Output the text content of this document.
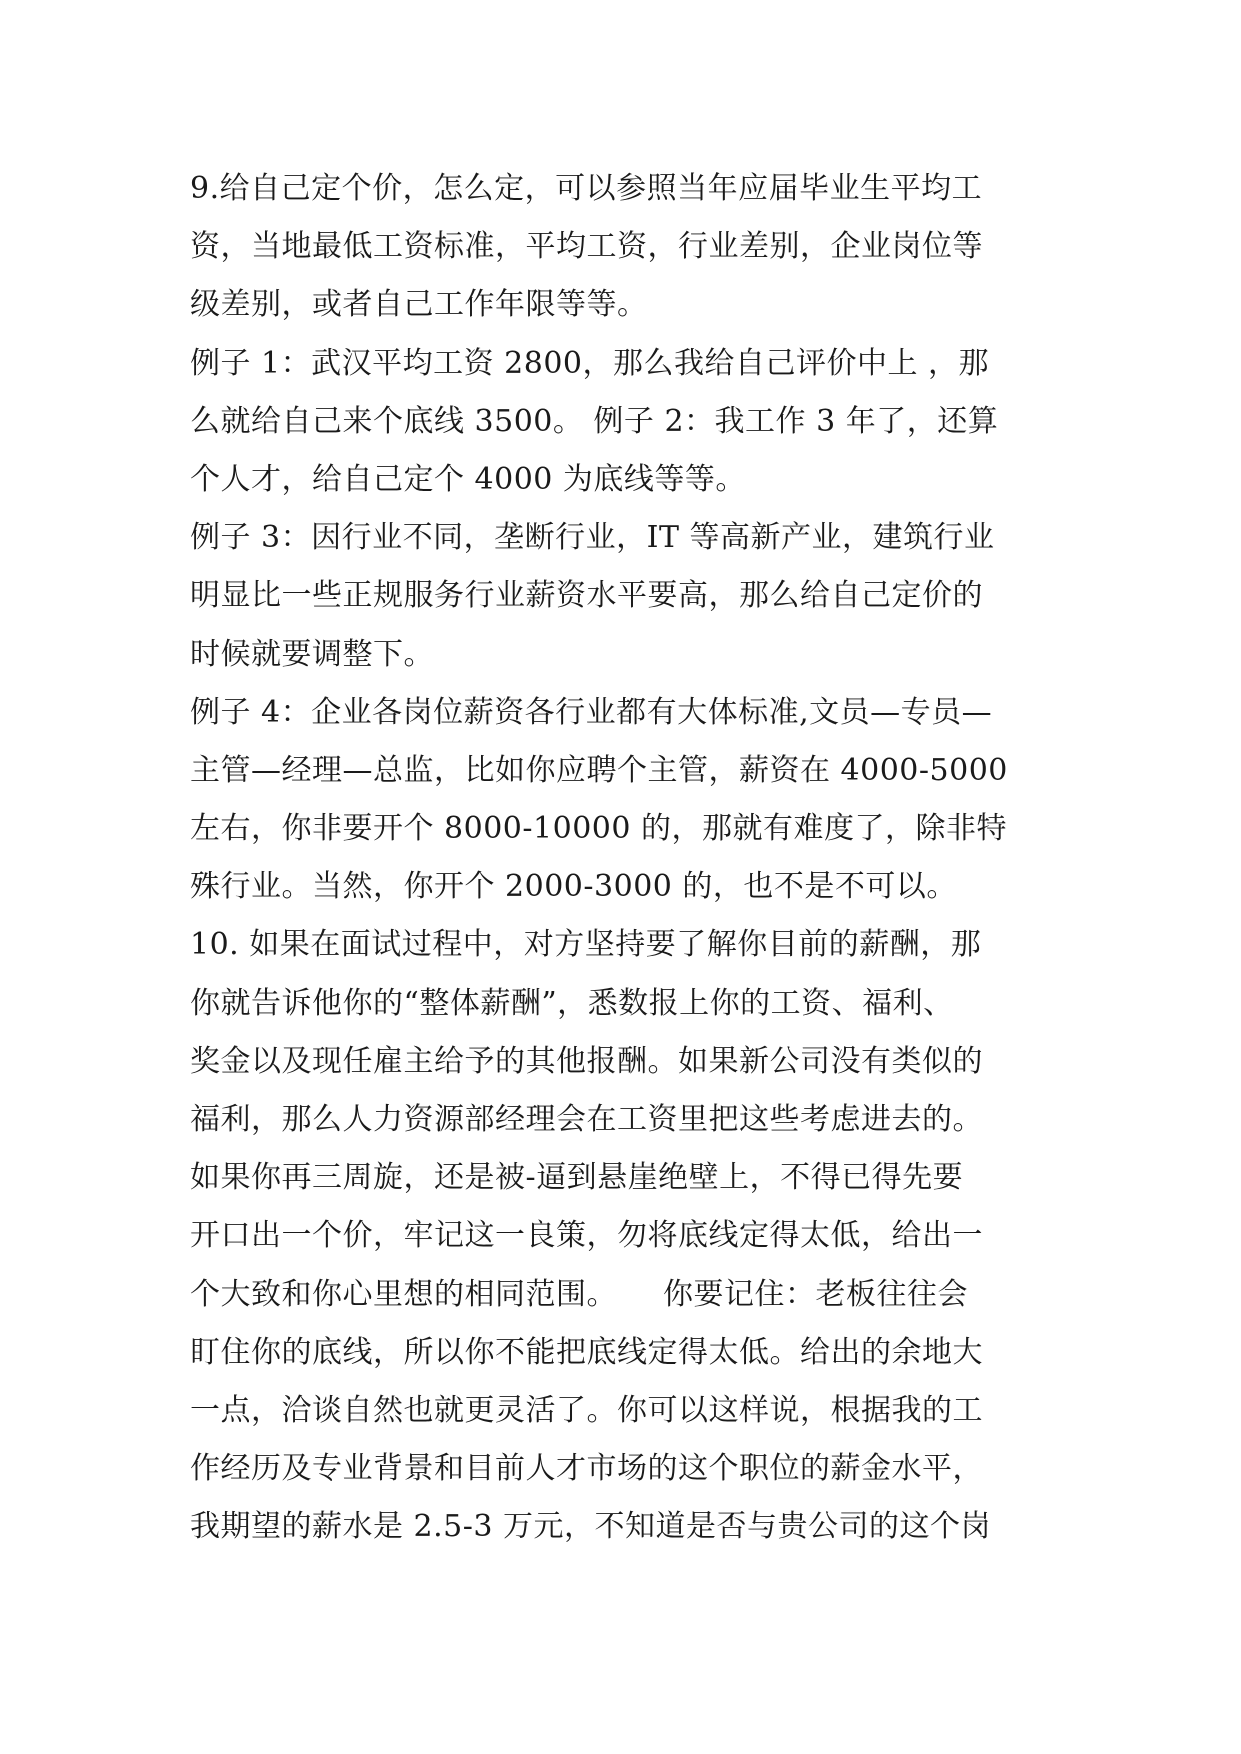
9.给自己定个价，怎么定，可以参照当年应届毕业生平均工
资，当地最低工资标准，平均工资，行业差别，企业岗位等
级差别，或者自己工作年限等等。
例子 1：武汉平均工资 2800，那么我给自己评价中上 ，那
么就给自己来个底线 3500。 例子 2：我工作 3 年了，还算
个人才，给自己定个 4000 为底线等等。
例子 3：因行业不同，垄断行业，IT 等高新产业，建筑行业
明显比一些正规服务行业薪资水平要高，那么给自己定价的
时候就要调整下。
例子 4：企业各岗位薪资各行业都有大体标准,文员—专员—
主管—经理—总监，比如你应聘个主管，薪资在 4000-5000
左右，你非要开个 8000-10000 的，那就有难度了，除非特
殊行业。当然，你开个 2000-3000 的，也不是不可以。
10. 如果在面试过程中，对方坚持要了解你目前的薪酬，那
你就告诉他你的“整体薪酬”，悉数报上你的工资、福利、
奖金以及现任雇主给予的其他报酬。如果新公司没有类似的
福利，那么人力资源部经理会在工资里把这些考虑进去的。
如果你再三周旋，还是被-逼到悬崖绝壁上，不得已得先要
开口出一个价，牢记这一良策，勿将底线定得太低，给出一
个大致和你心里想的相同范围。　　你要记住：老板往往会
盯住你的底线，所以你不能把底线定得太低。给出的余地大
一点，洽谈自然也就更灵活了。你可以这样说，根据我的工
作经历及专业背景和目前人才市场的这个职位的薪金水平，
我期望的薪水是 2.5-3 万元，不知道是否与贵公司的这个岗
